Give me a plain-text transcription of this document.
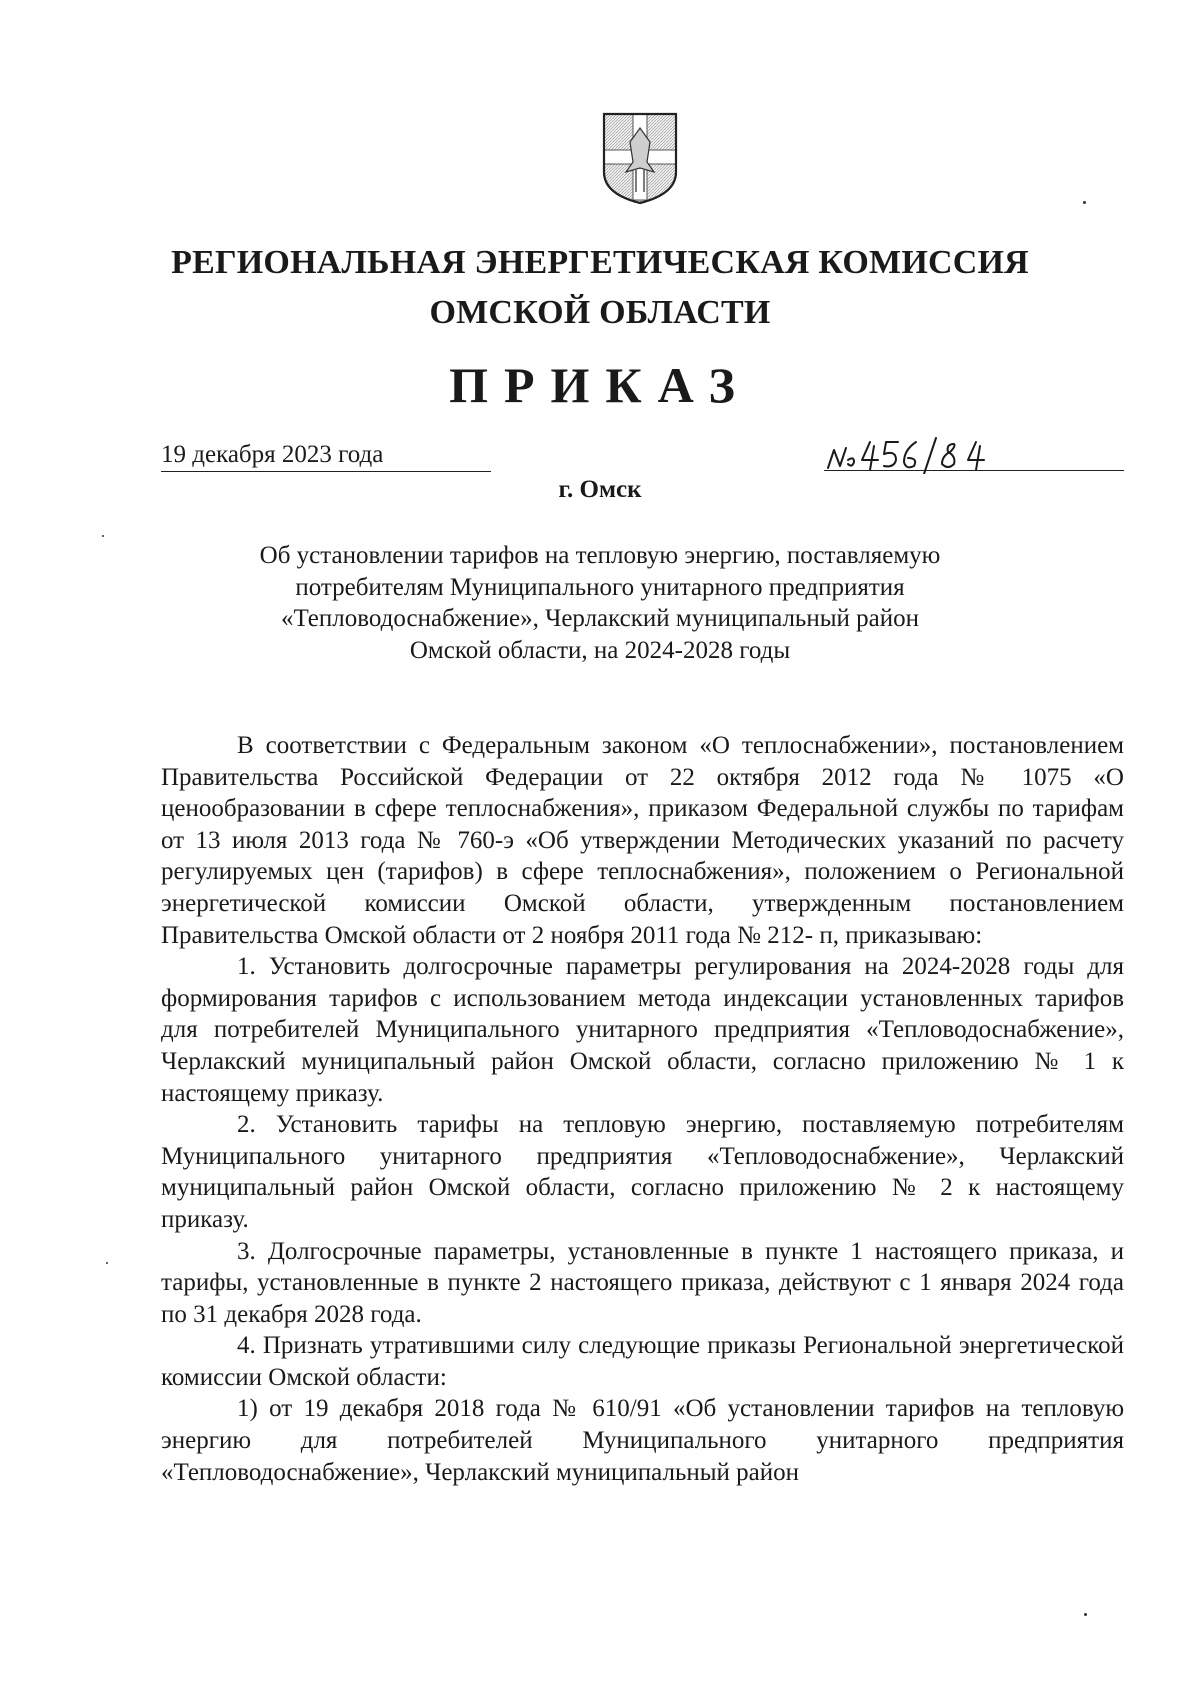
РЕГИОНАЛЬНАЯ ЭНЕРГЕТИЧЕСКАЯ КОМИССИЯ
ОМСКОЙ ОБЛАСТИ
ПРИКАЗ
19 декабря 2023 года
г. Омск
Об установлении тарифов на тепловую энергию, поставляемую
потребителям Муниципального унитарного предприятия
«Тепловодоснабжение», Черлакский муниципальный район
Омской области, на 2024-2028 годы

В соответствии с Федеральным законом «О теплоснабжении», постановлением Правительства Российской Федерации от 22 октября 2012 года № 1075 «О ценообразовании в сфере теплоснабжения», приказом Федеральной службы по тарифам от 13 июля 2013 года № 760-э «Об утверждении Методических указаний по расчету регулируемых цен (тарифов) в сфере теплоснабжения», положением о Региональной энергетической комиссии Омской области, утвержденным постановлением Правительства Омской области от 2 ноября 2011 года № 212- п, приказываю:

1. Установить долгосрочные параметры регулирования на 2024-2028 годы для формирования тарифов с использованием метода индексации установленных тарифов для потребителей Муниципального унитарного предприятия «Тепловодоснабжение», Черлакский муниципальный район Омской области, согласно приложению № 1 к настоящему приказу.

2. Установить тарифы на тепловую энергию, поставляемую потребителям Муниципального унитарного предприятия «Тепловодоснабжение», Черлакский муниципальный район Омской области, согласно приложению № 2 к настоящему приказу.

3. Долгосрочные параметры, установленные в пункте 1 настоящего приказа, и тарифы, установленные в пункте 2 настоящего приказа, действуют с 1 января 2024 года по 31 декабря 2028 года.

4. Признать утратившими силу следующие приказы Региональной энергетической комиссии Омской области:

1) от 19 декабря 2018 года № 610/91 «Об установлении тарифов на тепловую энергию для потребителей Муниципального унитарного предприятия «Тепловодоснабжение», Черлакский муниципальный район
